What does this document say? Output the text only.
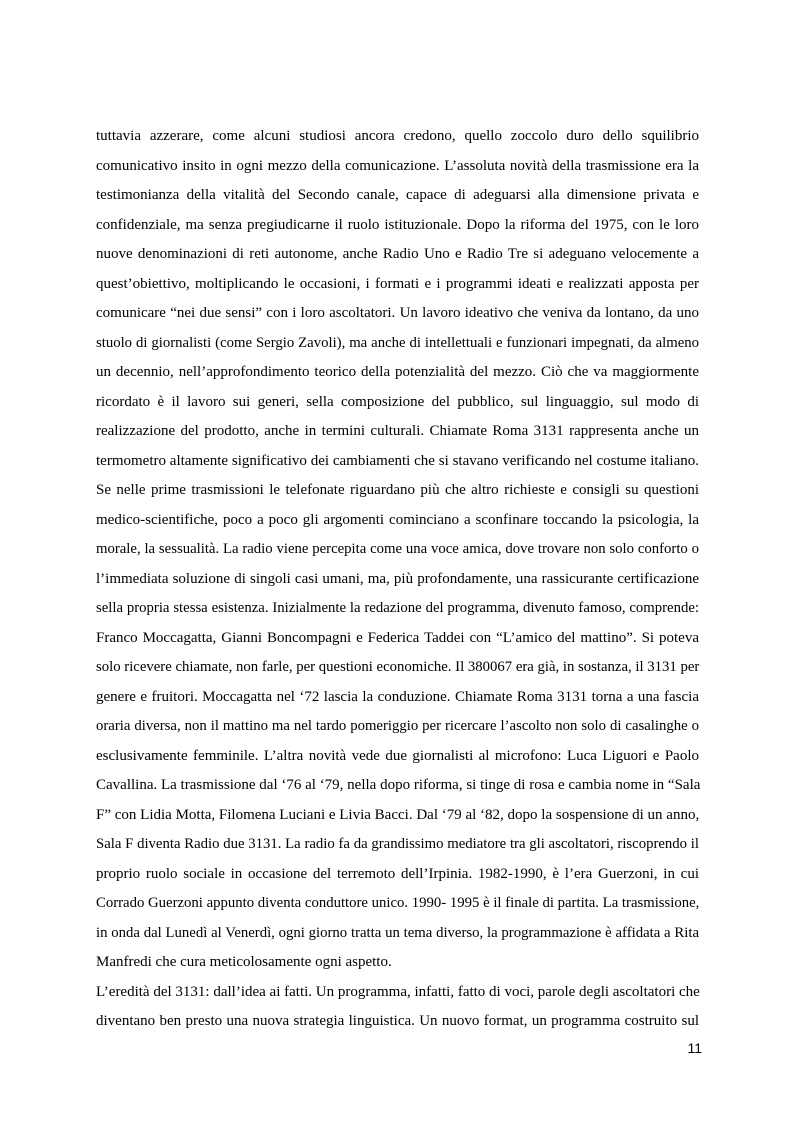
tuttavia azzerare, come alcuni studiosi ancora credono, quello zoccolo duro dello squilibrio
comunicativo insito in ogni mezzo della comunicazione. L’assoluta novità della trasmissione era la
testimonianza della vitalità del Secondo canale, capace di adeguarsi alla dimensione privata e
confidenziale, ma senza pregiudicarne il ruolo istituzionale. Dopo la riforma del 1975, con le loro
nuove denominazioni di reti autonome, anche Radio Uno e Radio Tre si adeguano velocemente a
quest’obiettivo, moltiplicando le occasioni, i formati e i programmi ideati e realizzati apposta per
comunicare “nei due sensi” con i loro ascoltatori. Un lavoro ideativo che veniva da lontano, da uno
stuolo di giornalisti (come Sergio Zavoli), ma anche di intellettuali e funzionari impegnati, da almeno
un decennio, nell’approfondimento teorico della potenzialità del mezzo. Ciò che va maggiormente
ricordato è il lavoro sui generi, sella composizione del pubblico, sul linguaggio, sul modo di
realizzazione del prodotto, anche in termini culturali. Chiamate Roma 3131 rappresenta anche un
termometro altamente significativo dei cambiamenti che si stavano verificando nel costume italiano.
Se nelle prime trasmissioni le telefonate riguardano più che altro richieste e consigli su questioni
medico-scientifiche, poco a poco gli argomenti cominciano a sconfinare toccando la psicologia, la
morale, la sessualità. La radio viene percepita come una voce amica, dove trovare non solo conforto o
l’immediata soluzione di singoli casi umani, ma, più profondamente, una rassicurante certificazione
sella propria stessa esistenza. Inizialmente la redazione del programma, divenuto famoso, comprende:
Franco Moccagatta, Gianni Boncompagni e Federica Taddei con “L’amico del mattino”. Si poteva
solo ricevere chiamate, non farle, per questioni economiche. Il 380067 era già, in sostanza, il 3131 per
genere e fruitori. Moccagatta nel ‘72 lascia la conduzione. Chiamate Roma 3131 torna a una fascia
oraria diversa, non il mattino ma nel tardo pomeriggio per ricercare l’ascolto non solo di casalinghe o
esclusivamente femminile. L’altra novità vede due giornalisti al microfono: Luca Liguori e Paolo
Cavallina. La trasmissione dal ‘76 al ‘79, nella dopo riforma, si tinge di rosa e cambia nome in “Sala
F” con Lidia Motta, Filomena Luciani e Livia Bacci. Dal ‘79 al ‘82, dopo la sospensione di un anno,
Sala F diventa Radio due 3131. La radio fa da grandissimo mediatore tra gli ascoltatori, riscoprendo il
proprio ruolo sociale in occasione del terremoto dell’Irpinia. 1982-1990, è l’era Guerzoni, in cui
Corrado Guerzoni appunto diventa conduttore unico. 1990- 1995 è il finale di partita. La trasmissione,
in onda dal Lunedì al Venerdì, ogni giorno tratta un tema diverso, la programmazione è affidata a Rita
Manfredi che cura meticolosamente ogni aspetto.
L’eredità del 3131: dall’idea ai fatti. Un programma, infatti, fatto di voci, parole degli ascoltatori che
diventano ben presto una nuova strategia linguistica. Un nuovo format, un programma costruito sul
11
